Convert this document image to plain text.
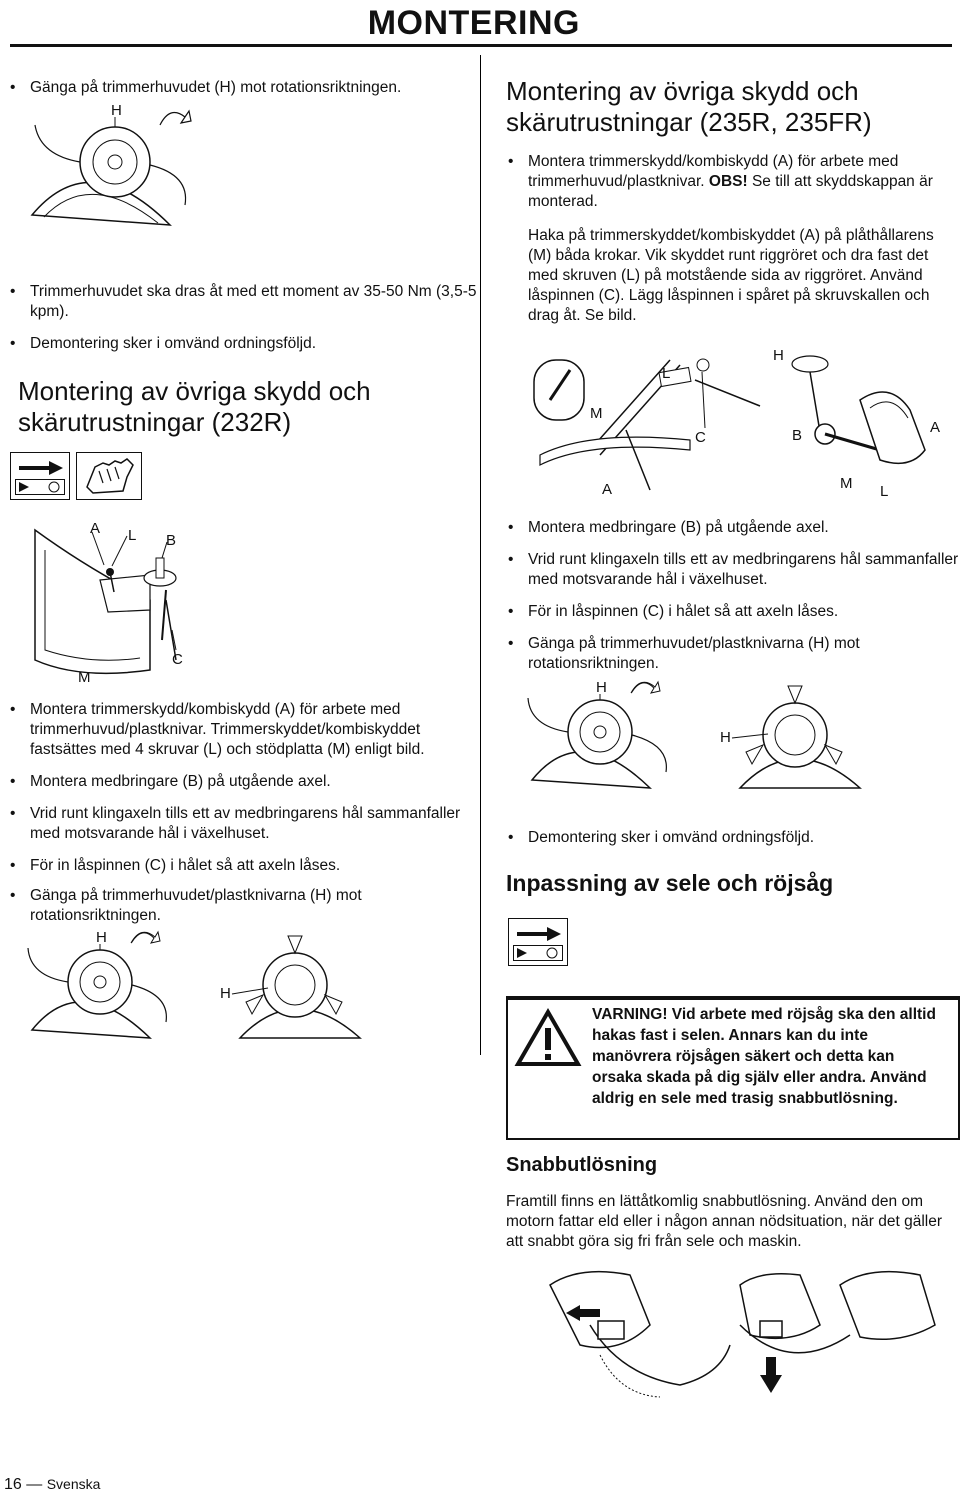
MONTERING
• Gänga på trimmerhuvudet (H) mot rotationsriktningen.
H
• Trimmerhuvudet ska dras åt med ett moment av 35-50 Nm (3,5-5 kpm).
• Demontering sker i omvänd ordningsföljd.
Montering av övriga skydd och skärutrustningar (232R)
A L B
M
C
• Montera trimmerskydd/kombiskydd (A) för arbete med trimmerhuvud/plastknivar. Trimmerskyddet/kombiskyddet fastsättes med 4 skruvar (L) och stödplatta (M) enligt bild.
• Montera medbringare (B) på utgående axel.
• Vrid runt klingaxeln tills ett av medbringarens hål sammanfaller med motsvarande hål i växelhuset.
• För in låspinnen (C) i hålet så att axeln låses.
• Gänga på trimmerhuvudet/plastknivarna (H) mot rotationsriktningen.
H
H
Montering av övriga skydd och skärutrustningar (235R, 235FR)
• Montera trimmerskydd/kombiskydd (A) för arbete med trimmerhuvud/plastknivar. OBS! Se till att skyddskappan är monterad.
Haka på trimmerskyddet/kombiskyddet (A) på plåthållarens (M) båda krokar. Vik skyddet runt riggröret och dra fast det med skruven (L) på motstående sida av riggröret. Använd låspinnen (C). Lägg låspinnen i spåret på skruvskallen och drag åt. Se bild.
M
L
C
A
H
B	A
M L
• Montera medbringare (B) på utgående axel.
• Vrid runt klingaxeln tills ett av medbringarens hål sammanfaller med motsvarande hål i växelhuset.
• För in låspinnen (C) i hålet så att axeln låses.
• Gänga på trimmerhuvudet/plastknivarna (H) mot rotationsriktningen.
H
H
• Demontering sker i omvänd ordningsföljd.
Inpassning av sele och röjsåg
VARNING! Vid arbete med röjsåg ska den alltid hakas fast i selen. Annars kan du inte manövrera röjsågen säkert och detta kan orsaka skada på dig själv eller andra. Använd aldrig en sele med trasig snabbutlösning.
Snabbutlösning
Framtill finns en lättåtkomlig snabbutlösning. Använd den om motorn fattar eld eller i någon annan nödsituation, när det gäller att snabbt göra sig fri från sele och maskin.
16 — Svenska
